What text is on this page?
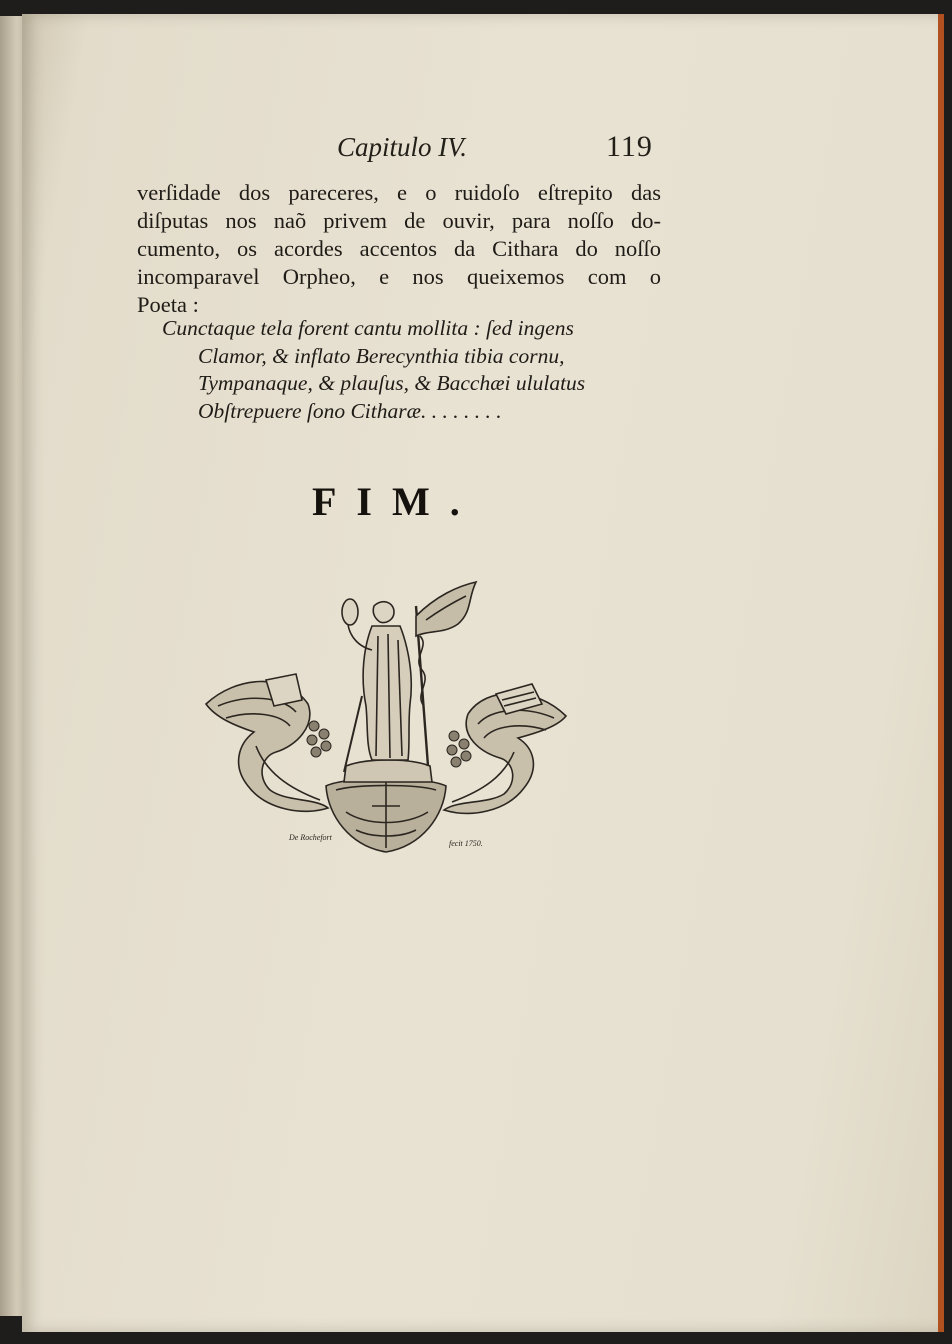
Capitulo IV.	119
verſidade dos pareceres, e o ruidoſo eſtrepito das
diſputas nos naõ privem de ouvir, para noſſo do-
cumento, os acordes accentos da Cithara do noſſo
incomparavel Orpheo, e nos queixemos com o
Poeta :
Cunctaque tela forent cantu mollita : ſed ingens
Clamor, & inflato Berecynthia tibia cornu,
Tympanaque, & plauſus, & Bacchæi ululatus
Obſtrepuere ſono Citharæ. . . . . . . .
FIM.
De Rochefort
fecit 1750.
